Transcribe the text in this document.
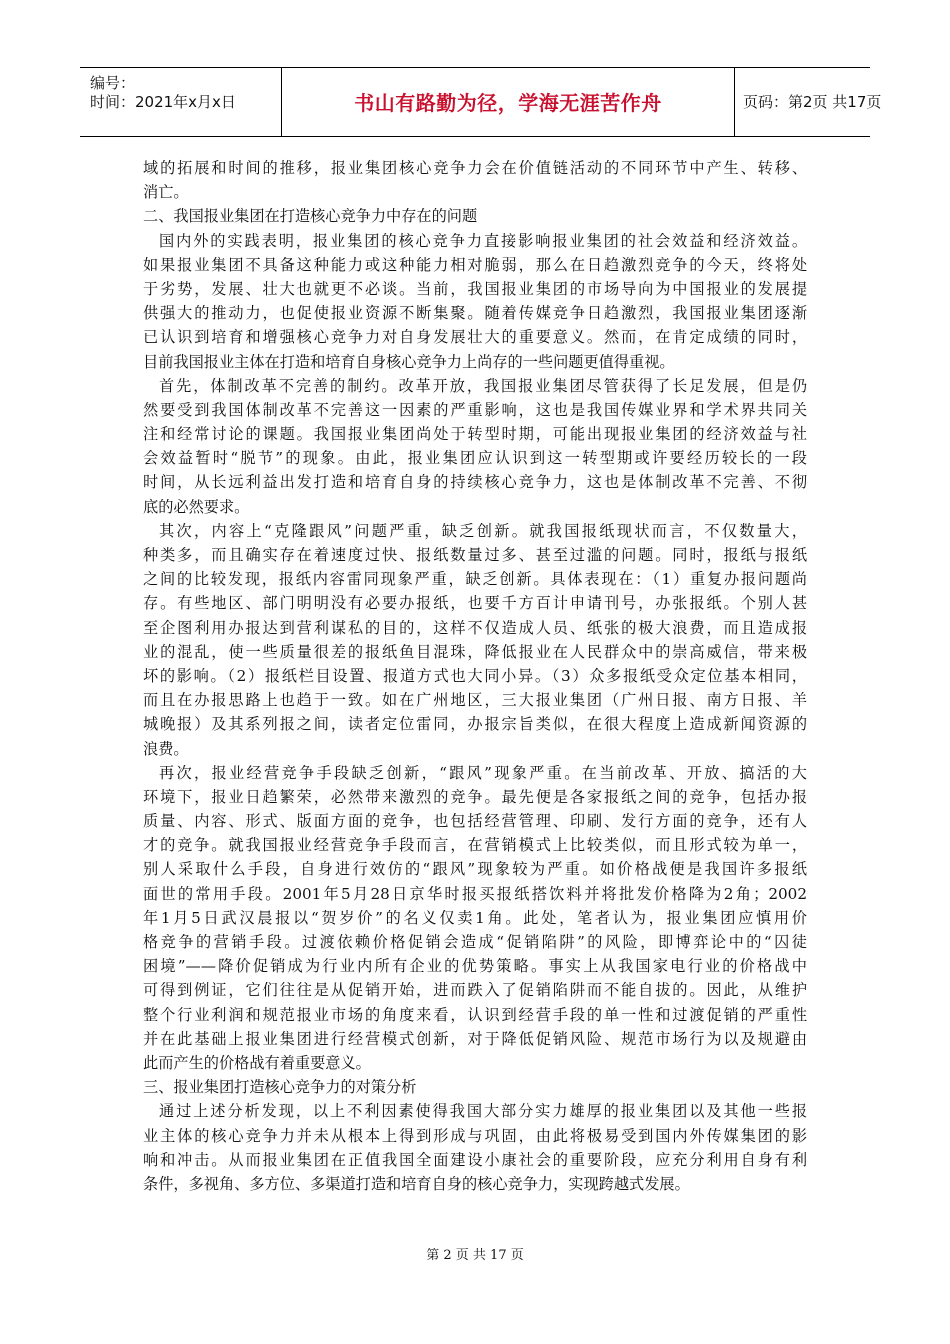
编号：
时间：2021年x月x日	书山有路勤为径，学海无涯苦作舟	页码：第2页 共17页
域的拓展和时间的推移，报业集团核心竞争力会在价值链活动的不同环节中产生、转移、
消亡。
二、我国报业集团在打造核心竞争力中存在的问题
国内外的实践表明，报业集团的核心竞争力直接影响报业集团的社会效益和经济效益。
如果报业集团不具备这种能力或这种能力相对脆弱，那么在日趋激烈竞争的今天，终将处
于劣势，发展、壮大也就更不必谈。当前，我国报业集团的市场导向为中国报业的发展提
供强大的推动力，也促使报业资源不断集聚。随着传媒竞争日趋激烈，我国报业集团逐渐
已认识到培育和增强核心竞争力对自身发展壮大的重要意义。然而，在肯定成绩的同时，
目前我国报业主体在打造和培育自身核心竞争力上尚存的一些问题更值得重视。
首先，体制改革不完善的制约。改革开放，我国报业集团尽管获得了长足发展，但是仍
然要受到我国体制改革不完善这一因素的严重影响，这也是我国传媒业界和学术界共同关
注和经常讨论的课题。我国报业集团尚处于转型时期，可能出现报业集团的经济效益与社
会效益暂时“脱节”的现象。由此，报业集团应认识到这一转型期或许要经历较长的一段
时间，从长远利益出发打造和培育自身的持续核心竞争力，这也是体制改革不完善、不彻
底的必然要求。
其次，内容上“克隆跟风”问题严重，缺乏创新。就我国报纸现状而言，不仅数量大，
种类多，而且确实存在着速度过快、报纸数量过多、甚至过滥的问题。同时，报纸与报纸
之间的比较发现，报纸内容雷同现象严重，缺乏创新。具体表现在：（1）重复办报问题尚
存。有些地区、部门明明没有必要办报纸，也要千方百计申请刊号，办张报纸。个别人甚
至企图利用办报达到营利谋私的目的，这样不仅造成人员、纸张的极大浪费，而且造成报
业的混乱，使一些质量很差的报纸鱼目混珠，降低报业在人民群众中的崇高威信，带来极
坏的影响。（2）报纸栏目设置、报道方式也大同小异。（3）众多报纸受众定位基本相同，
而且在办报思路上也趋于一致。如在广州地区，三大报业集团（广州日报、南方日报、羊
城晚报）及其系列报之间，读者定位雷同，办报宗旨类似，在很大程度上造成新闻资源的
浪费。
再次，报业经营竞争手段缺乏创新，“跟风”现象严重。在当前改革、开放、搞活的大
环境下，报业日趋繁荣，必然带来激烈的竞争。最先便是各家报纸之间的竞争，包括办报
质量、内容、形式、版面方面的竞争，也包括经营管理、印刷、发行方面的竞争，还有人
才的竞争。就我国报业经营竞争手段而言，在营销模式上比较类似，而且形式较为单一，
别人采取什么手段，自身进行效仿的“跟风”现象较为严重。如价格战便是我国许多报纸
面世的常用手段。2001年5月28日京华时报买报纸搭饮料并将批发价格降为2角；2002
年1月5日武汉晨报以“贺岁价”的名义仅卖1角。此处，笔者认为，报业集团应慎用价
格竞争的营销手段。过渡依赖价格促销会造成“促销陷阱”的风险，即博弈论中的“囚徒
困境”——降价促销成为行业内所有企业的优势策略。事实上从我国家电行业的价格战中
可得到例证，它们往往是从促销开始，进而跌入了促销陷阱而不能自拔的。因此，从维护
整个行业利润和规范报业市场的角度来看，认识到经营手段的单一性和过渡促销的严重性
并在此基础上报业集团进行经营模式创新，对于降低促销风险、规范市场行为以及规避由
此而产生的价格战有着重要意义。
三、报业集团打造核心竞争力的对策分析
通过上述分析发现，以上不利因素使得我国大部分实力雄厚的报业集团以及其他一些报
业主体的核心竞争力并未从根本上得到形成与巩固，由此将极易受到国内外传媒集团的影
响和冲击。从而报业集团在正值我国全面建设小康社会的重要阶段，应充分利用自身有利
条件，多视角、多方位、多渠道打造和培育自身的核心竞争力，实现跨越式发展。
第 2 页 共 17 页
